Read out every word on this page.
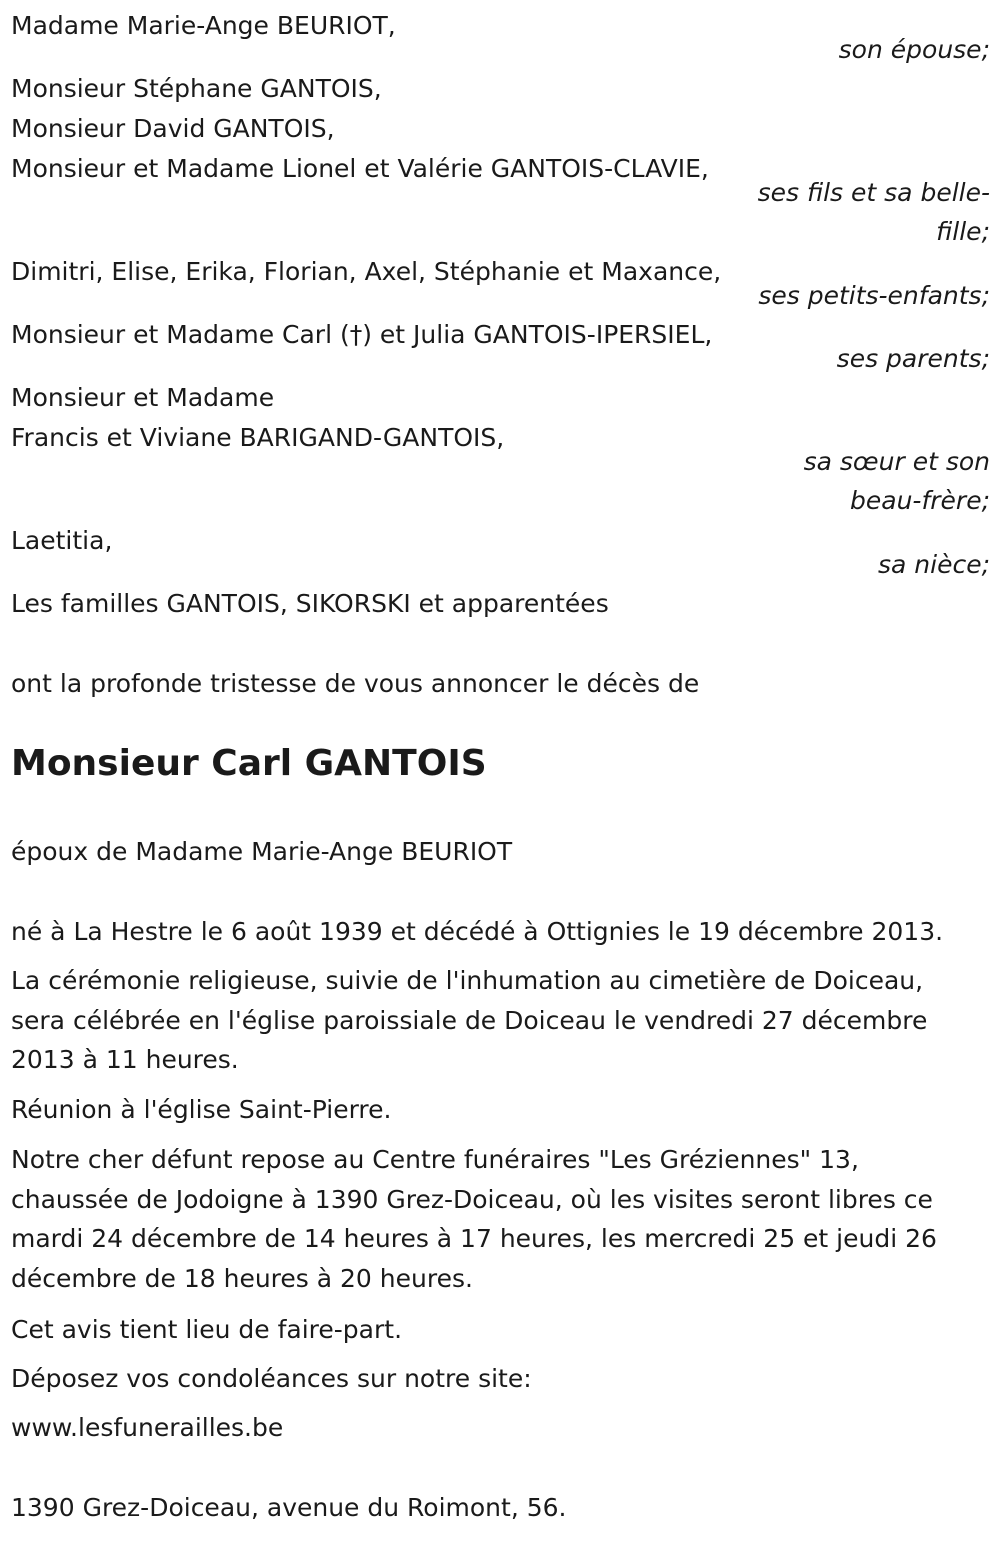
Madame Marie-Ange BEURIOT,
son épouse;
Monsieur Stéphane GANTOIS,
Monsieur David GANTOIS,
Monsieur et Madame Lionel et Valérie GANTOIS-CLAVIE,
ses fils et sa belle-
fille;
Dimitri, Elise, Erika, Florian, Axel, Stéphanie et Maxance,
ses petits-enfants;
Monsieur et Madame Carl (†) et Julia GANTOIS-IPERSIEL,
ses parents;
Monsieur et Madame
Francis et Viviane BARIGAND-GANTOIS,
sa sœur et son
beau-frère;
Laetitia,
sa nièce;
Les familles GANTOIS, SIKORSKI et apparentées
ont la profonde tristesse de vous annoncer le décès de
Monsieur Carl GANTOIS
époux de Madame Marie-Ange BEURIOT
né à La Hestre le 6 août 1939 et décédé à Ottignies le 19 décembre 2013.
La cérémonie religieuse, suivie de l'inhumation au cimetière de Doiceau,
sera célébrée en l'église paroissiale de Doiceau le vendredi 27 décembre
2013 à 11 heures.
Réunion à l'église Saint-Pierre.
Notre cher défunt repose au Centre funéraires "Les Gréziennes" 13,
chaussée de Jodoigne à 1390 Grez-Doiceau, où les visites seront libres ce
mardi 24 décembre de 14 heures à 17 heures, les mercredi 25 et jeudi 26
décembre de 18 heures à 20 heures.
Cet avis tient lieu de faire-part.
Déposez vos condoléances sur notre site:
www.lesfunerailles.be
1390 Grez-Doiceau, avenue du Roimont, 56.
